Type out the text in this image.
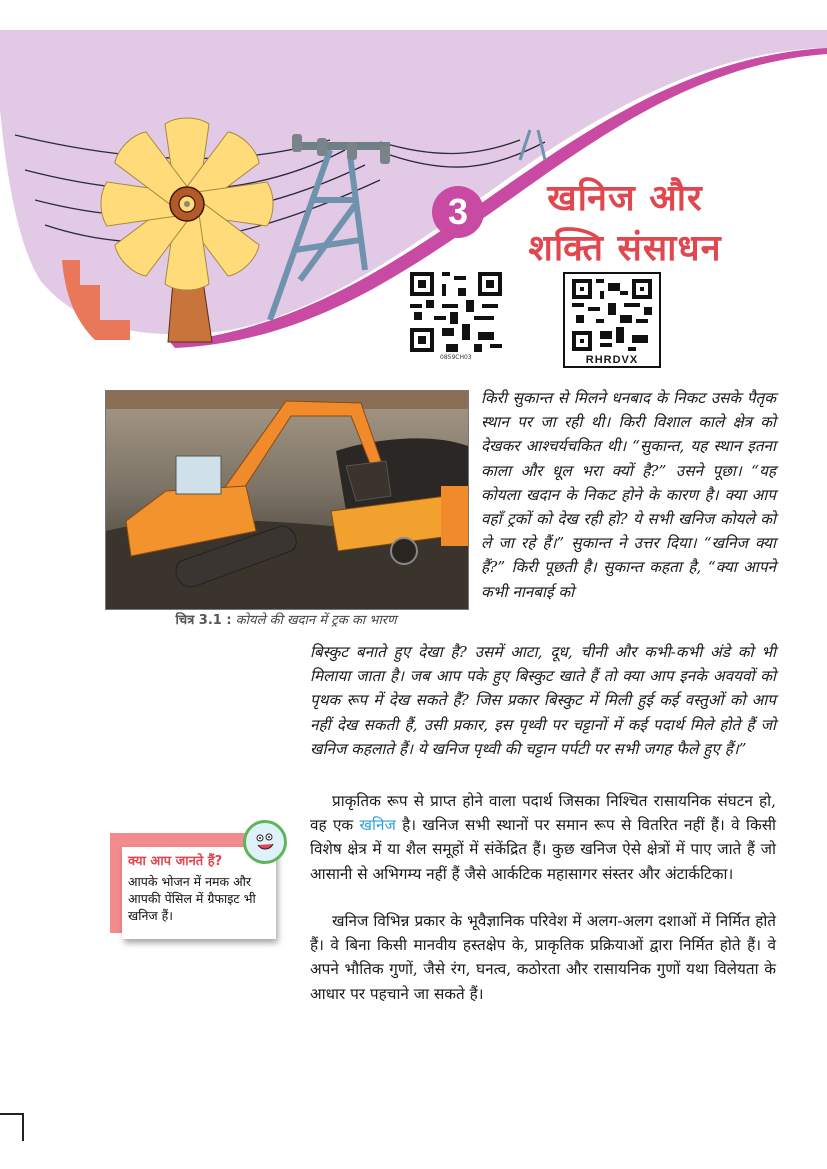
3	खनिज और
शक्ति संसाधन
0859CH03	RHRDVX
चित्र 3.1 : कोयले की खदान में ट्रक का भारण

किरी सुकान्त से मिलने धनबाद के निकट उसके पैतृक स्थान पर जा रही थी। किरी विशाल काले क्षेत्र को देखकर आश्चर्यचकित थी। “सुकान्त, यह स्थान इतना काला और धूल भरा क्यों है?” उसने पूछा। “यह कोयला खदान के निकट होने के कारण है। क्या आप वहाँ ट्रकों को देख रही हो? ये सभी खनिज कोयले को ले जा रहे हैं।” सुकान्त ने उत्तर दिया। “खनिज क्या हैं?” किरी पूछती है। सुकान्त कहता है, “क्या आपने कभी नानबाई को

बिस्कुट बनाते हुए देखा है? उसमें आटा, दूध, चीनी और कभी-कभी अंडे को भी मिलाया जाता है। जब आप पके हुए बिस्कुट खाते हैं तो क्या आप इनके अवयवों को पृथक रूप में देख सकते हैं? जिस प्रकार बिस्कुट में मिली हुई कई वस्तुओं को आप नहीं देख सकती हैं, उसी प्रकार, इस पृथ्वी पर चट्टानों में कई पदार्थ मिले होते हैं जो खनिज कहलाते हैं। ये खनिज पृथ्वी की चट्टान पर्पटी पर सभी जगह फैले हुए हैं।”

प्राकृतिक रूप से प्राप्त होने वाला पदार्थ जिसका निश्चित रासायनिक संघटन हो, वह एक खनिज है। खनिज सभी स्थानों पर समान रूप से वितरित नहीं हैं। वे किसी विशेष क्षेत्र में या शैल समूहों में संकेंद्रित हैं। कुछ खनिज ऐसे क्षेत्रों में पाए जाते हैं जो आसानी से अभिगम्य नहीं हैं जैसे आर्कटिक महासागर संस्तर और अंटार्कटिका।

खनिज विभिन्न प्रकार के भूवैज्ञानिक परिवेश में अलग-अलग दशाओं में निर्मित होते हैं। वे बिना किसी मानवीय हस्तक्षेप के, प्राकृतिक प्रक्रियाओं द्वारा निर्मित होते हैं। वे अपने भौतिक गुणों, जैसे रंग, घनत्व, कठोरता और रासायनिक गुणों यथा विलेयता के आधार पर पहचाने जा सकते हैं।

क्या आप जानते हैं?
आपके भोजन में नमक और आपकी पेंसिल में ग्रैफाइट भी खनिज हैं।
